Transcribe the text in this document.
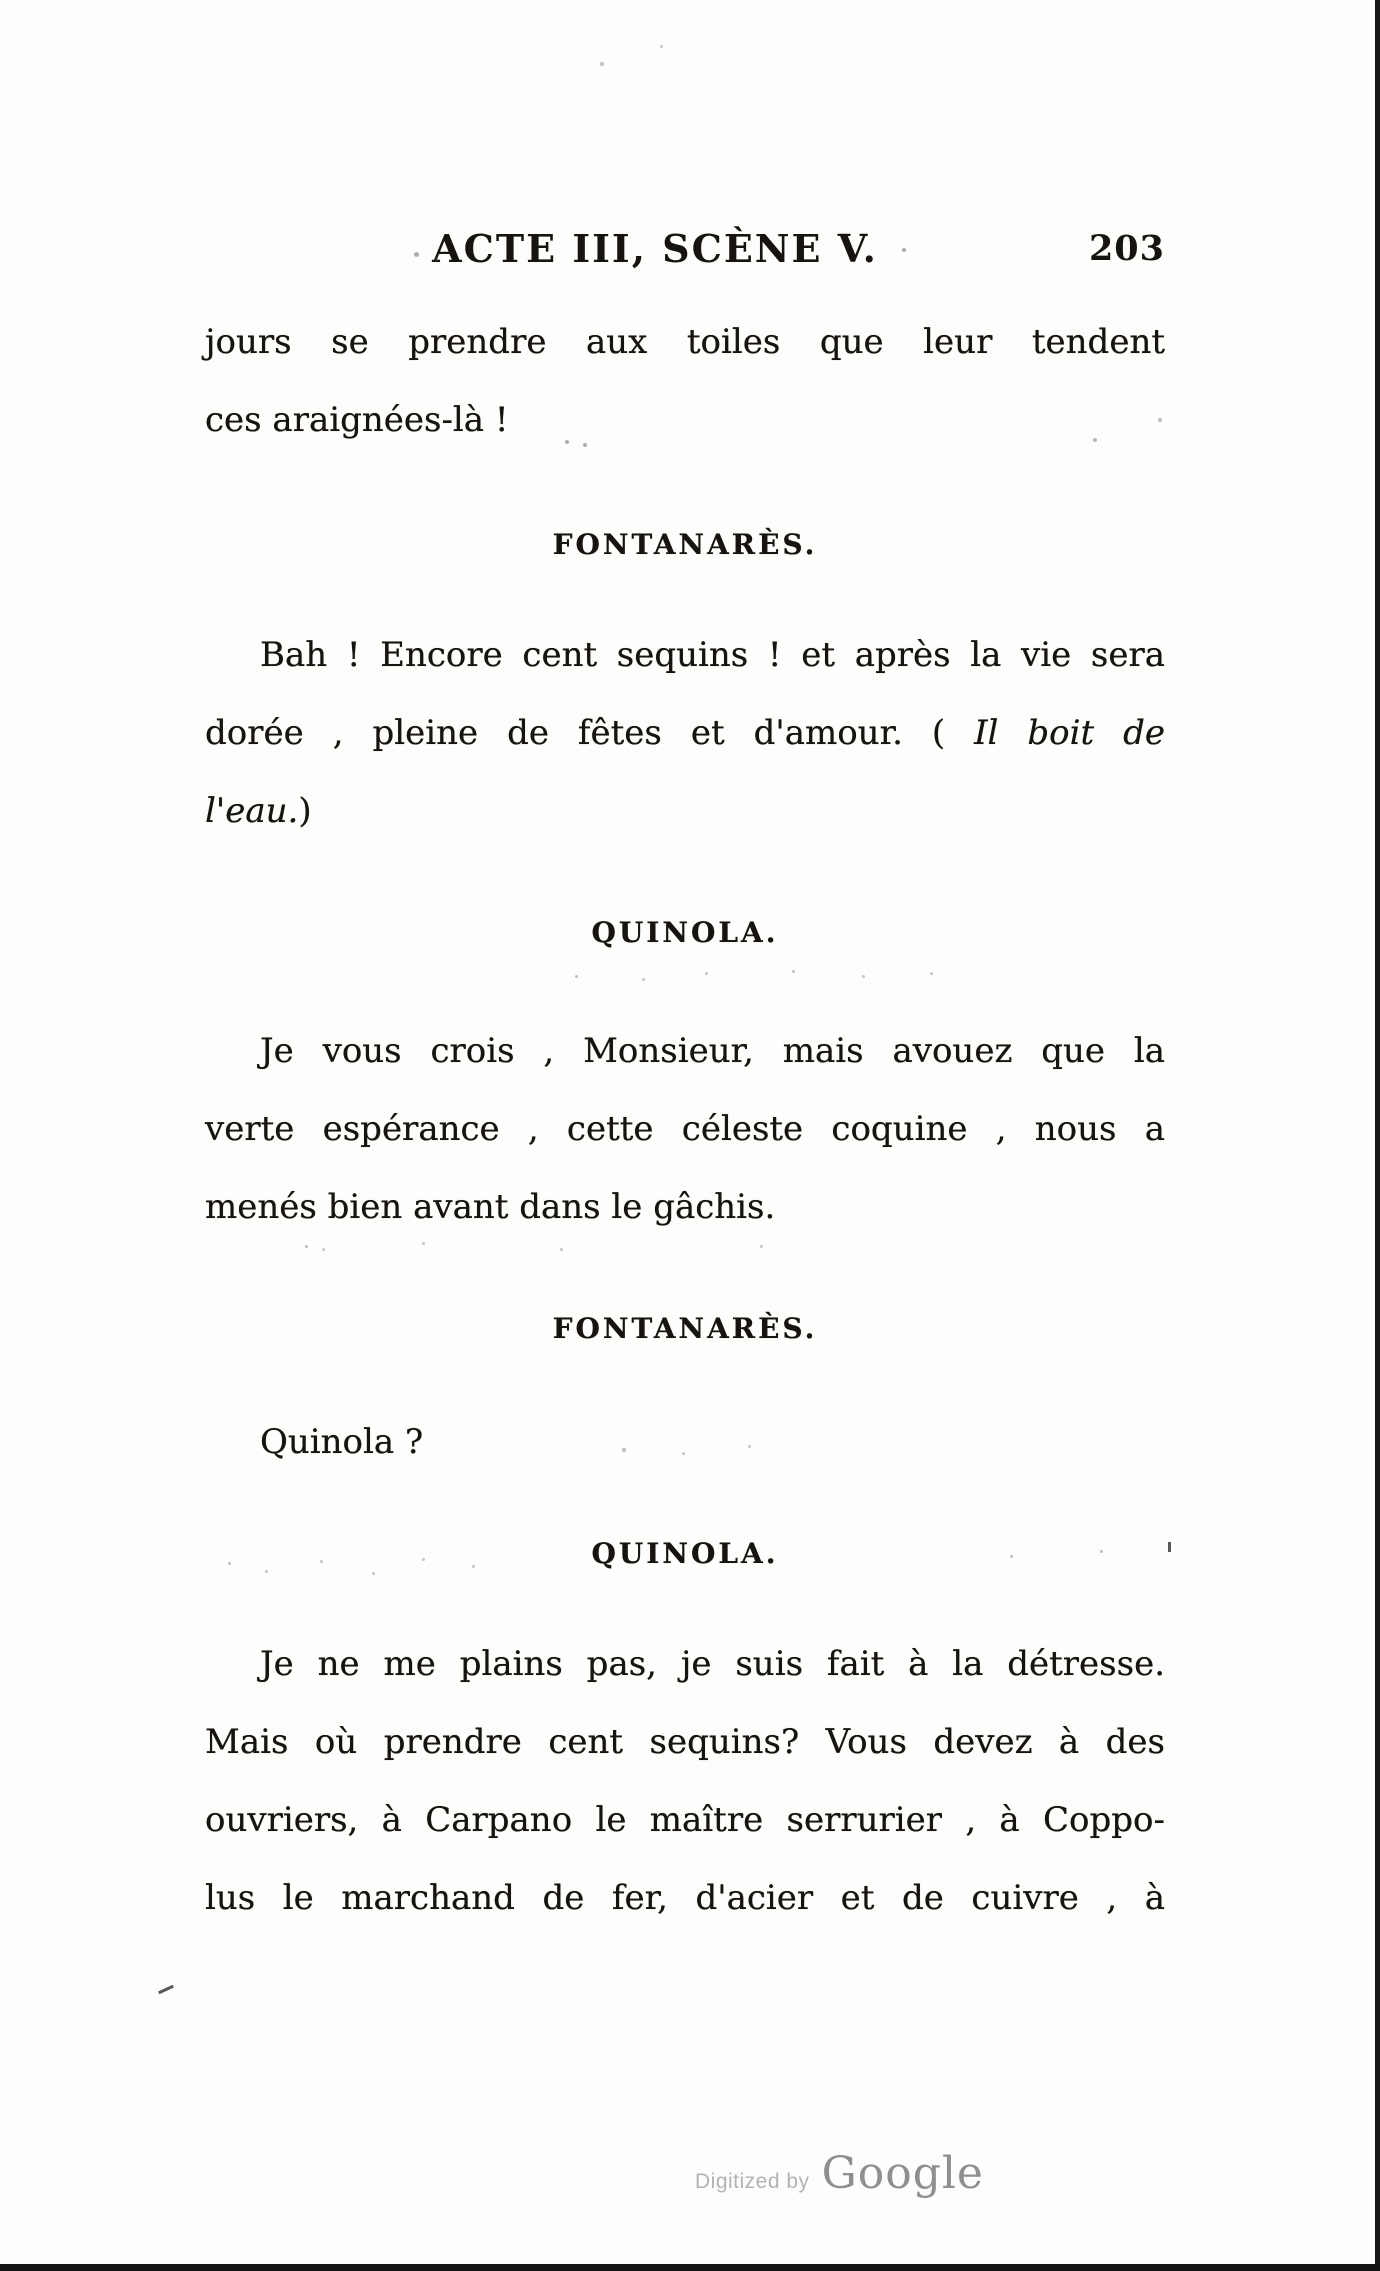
ACTE III, SCÈNE V.	203
jours se prendre aux toiles que leur tendent
ces araignées-là !
FONTANARÈS.
Bah ! Encore cent sequins ! et après la vie sera
dorée , pleine de fêtes et d'amour. ( Il boit de
l'eau.)
QUINOLA.
Je vous crois , Monsieur, mais avouez que la
verte espérance , cette céleste coquine , nous a
menés bien avant dans le gâchis.
FONTANARÈS.
Quinola ?
QUINOLA.
Je ne me plains pas, je suis fait à la détresse.
Mais où prendre cent sequins? Vous devez à des
ouvriers, à Carpano le maître serrurier , à Coppo-
lus le marchand de fer, d'acier et de cuivre , à
Digitized by Google
